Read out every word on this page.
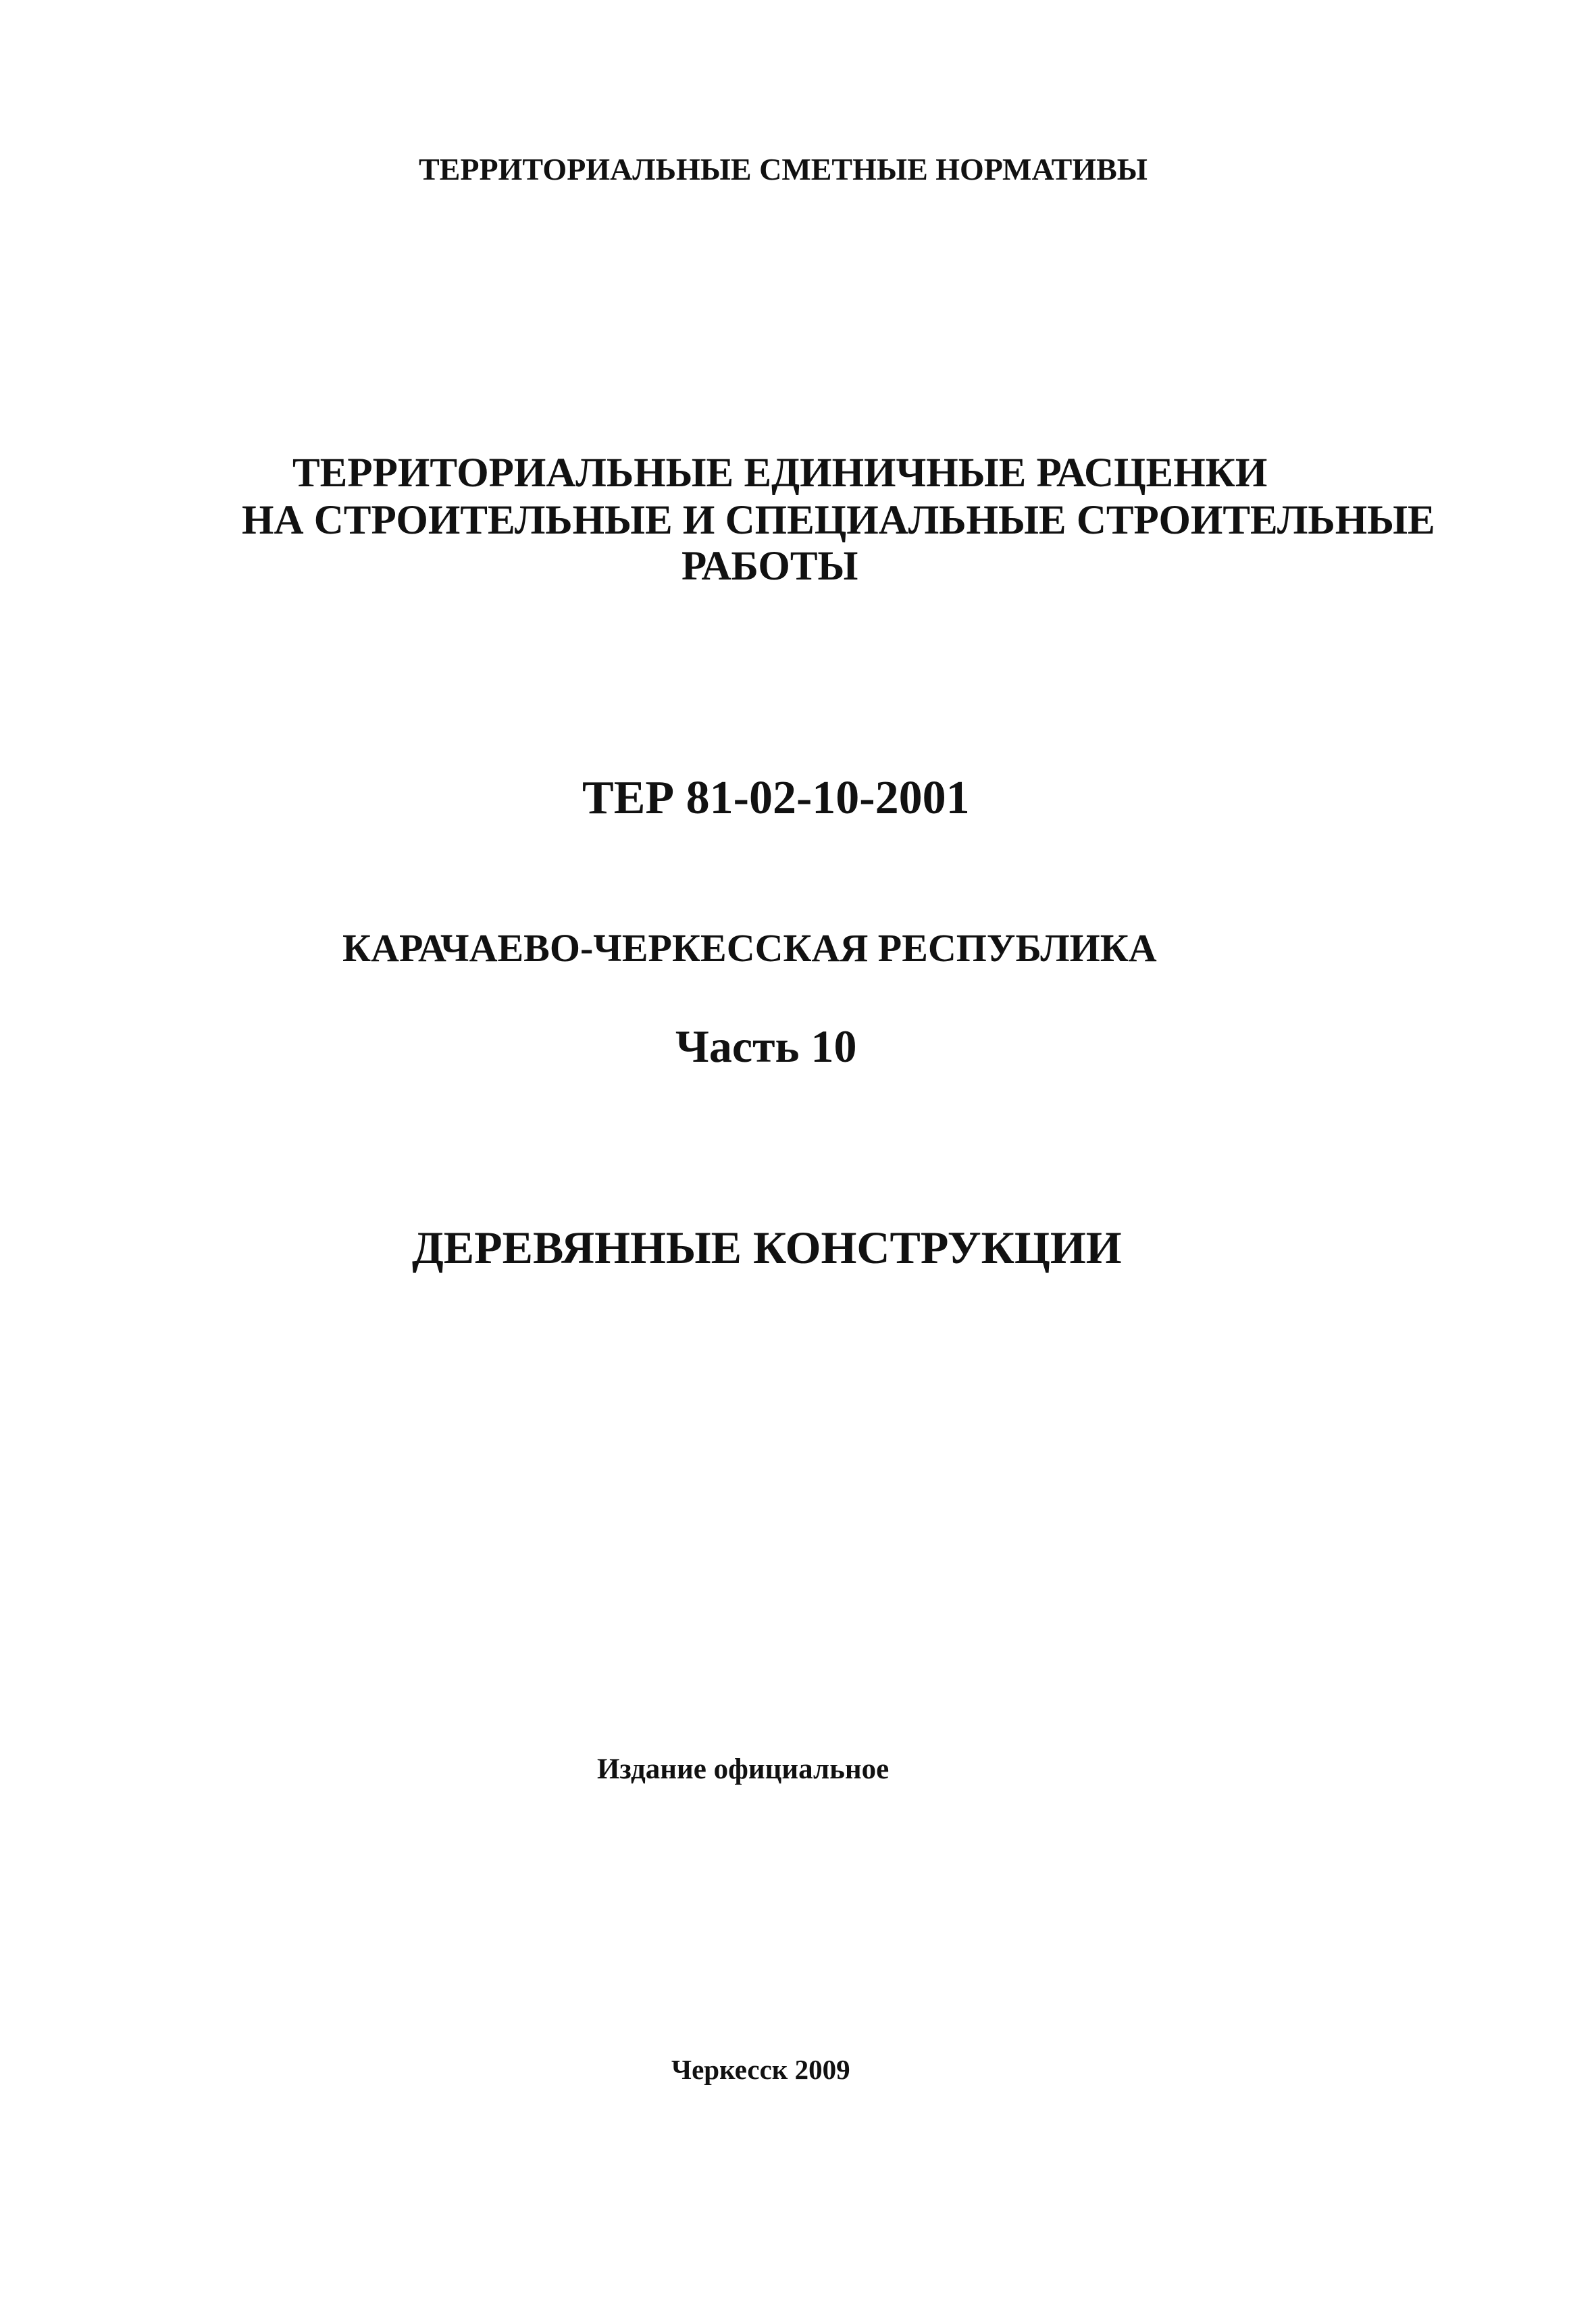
ТЕРРИТОРИАЛЬНЫЕ СМЕТНЫЕ НОРМАТИВЫ

ТЕРРИТОРИАЛЬНЫЕ ЕДИНИЧНЫЕ РАСЦЕНКИ

НА СТРОИТЕЛЬНЫЕ И СПЕЦИАЛЬНЫЕ СТРОИТЕЛЬНЫЕ

РАБОТЫ

ТЕР 81-02-10-2001

КАРАЧАЕВО-ЧЕРКЕССКАЯ РЕСПУБЛИКА

Часть 10

ДЕРЕВЯННЫЕ КОНСТРУКЦИИ

Издание официальное

Черкесск 2009
